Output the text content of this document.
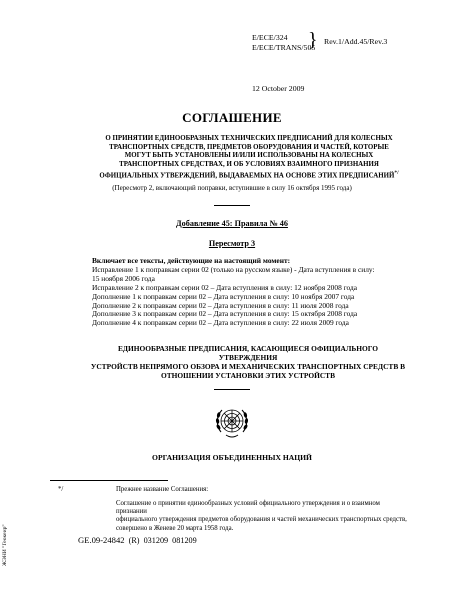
E/ECE/324
E/ECE/TRANS/505
} Rev.1/Add.45/Rev.3
12 October 2009
СОГЛАШЕНИЕ
О ПРИНЯТИИ ЕДИНООБРАЗНЫХ ТЕХНИЧЕСКИХ ПРЕДПИСАНИЙ ДЛЯ КОЛЕСНЫХ
ТРАНСПОРТНЫХ СРЕДСТВ, ПРЕДМЕТОВ ОБОРУДОВАНИЯ И ЧАСТЕЙ, КОТОРЫЕ
МОГУТ БЫТЬ УСТАНОВЛЕНЫ И/ИЛИ ИСПОЛЬЗОВАНЫ НА КОЛЕСНЫХ
ТРАНСПОРТНЫХ СРЕДСТВАХ, И ОБ УСЛОВИЯХ ВЗАИМНОГО ПРИЗНАНИЯ
ОФИЦИАЛЬНЫХ УТВЕРЖДЕНИЙ, ВЫДАВАЕМЫХ НА ОСНОВЕ ЭТИХ ПРЕДПИСАНИЙ*/
(Пересмотр 2, включающий поправки, вступившие в силу 16 октября 1995 года)
Добавление 45: Правила № 46
Пересмотр 3
Включает все тексты, действующие на настоящий момент:
Исправление 1 к поправкам серии 02 (только на русском языке) - Дата вступления в силу:
15 ноября 2006 года
Исправление 2 к поправкам серии 02 – Дата вступления в силу: 12 ноября 2008 года
Дополнение 1 к поправкам серии 02 – Дата вступления в силу: 10 ноября 2007 года
Дополнение 2 к поправкам серии 02 – Дата вступления в силу: 11 июля 2008 года
Дополнение 3 к поправкам серии 02 – Дата вступления в силу: 15 октября 2008 года
Дополнение 4 к поправкам серии 02 – Дата вступления в силу: 22 июля 2009 года
ЕДИНООБРАЗНЫЕ ПРЕДПИСАНИЯ, КАСАЮЩИЕСЯ ОФИЦИАЛЬНОГО УТВЕРЖДЕНИЯ
УСТРОЙСТВ НЕПРЯМОГО ОБЗОРА И МЕХАНИЧЕСКИХ ТРАНСПОРТНЫХ СРЕДСТВ В
ОТНОШЕНИИ УСТАНОВКИ ЭТИХ УСТРОЙСТВ
ОРГАНИЗАЦИЯ ОБЪЕДИНЕННЫХ НАЦИЙ
*/	Прежнее название Соглашения:
Соглашение о принятии единообразных условий официального утверждения и о взаимном признании
официального утверждения предметов оборудования и частей механических транспортных средств,
совершено в Женеве 20 марта 1958 года.
GE.09-24842 (R) 031209 081209
ЖЭНИ "Геокеир"
